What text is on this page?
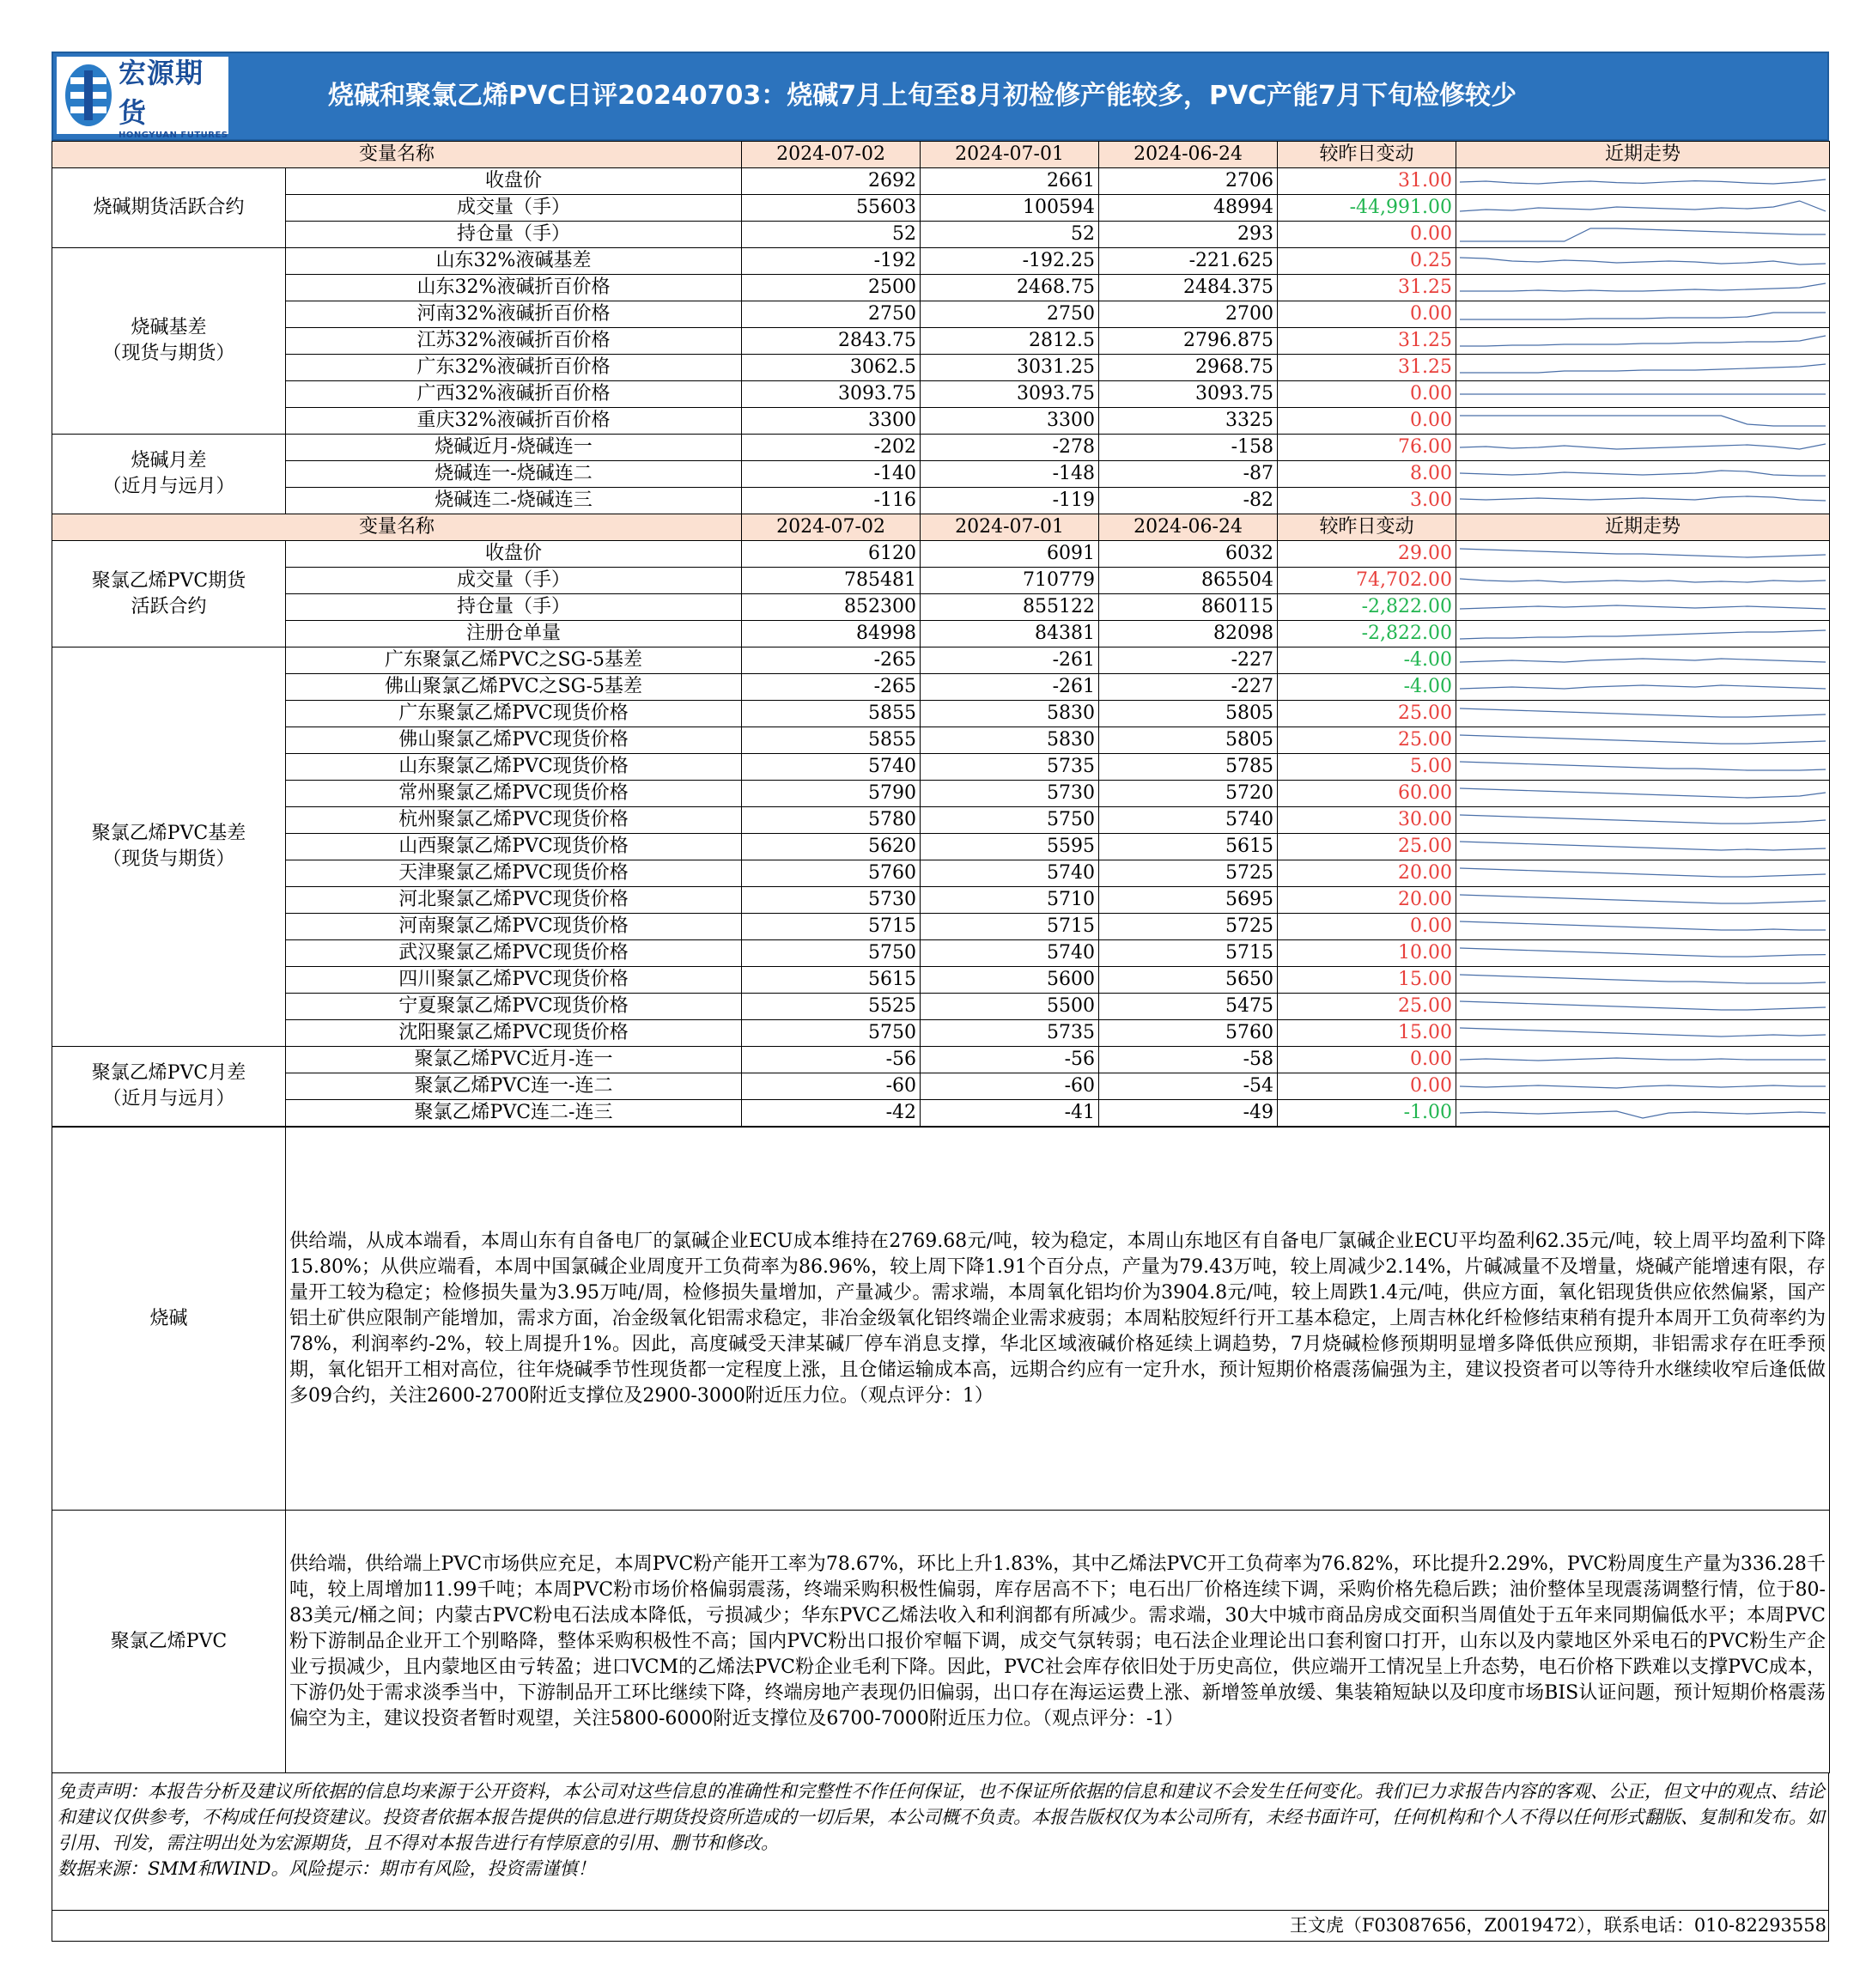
宏源期货
HONGYUAN FUTURES
烧碱和聚氯乙烯PVC日评20240703：烧碱7月上旬至8月初检修产能较多，PVC产能7月下旬检修较少
变量名称		2024-07-02	2024-07-01	2024-06-24	较昨日变动	近期走势

烧碱期货活跃合约	收盘价	2692	2661	2706	31.00	

	成交量（手）	55603	100594	48994	-44,991.00	

	持仓量（手）	52	52	293	0.00	

烧碱基差
（现货与期货）	山东32%液碱基差	-192	-192.25	-221.625	0.25	

	山东32%液碱折百价格	2500	2468.75	2484.375	31.25	

	河南32%液碱折百价格	2750	2750	2700	0.00	

	江苏32%液碱折百价格	2843.75	2812.5	2796.875	31.25	

	广东32%液碱折百价格	3062.5	3031.25	2968.75	31.25	

	广西32%液碱折百价格	3093.75	3093.75	3093.75	0.00	

	重庆32%液碱折百价格	3300	3300	3325	0.00	

烧碱月差
（近月与远月）	烧碱近月-烧碱连一	-202	-278	-158	76.00	

	烧碱连一-烧碱连二	-140	-148	-87	8.00	

	烧碱连二-烧碱连三	-116	-119	-82	3.00	

变量名称		2024-07-02	2024-07-01	2024-06-24	较昨日变动	近期走势

聚氯乙烯PVC期货
活跃合约	收盘价	6120	6091	6032	29.00	

	成交量（手）	785481	710779	865504	74,702.00	

	持仓量（手）	852300	855122	860115	-2,822.00	

	注册仓单量	84998	84381	82098	-2,822.00	

聚氯乙烯PVC基差
（现货与期货）	广东聚氯乙烯PVC之SG-5基差	-265	-261	-227	-4.00	

	佛山聚氯乙烯PVC之SG-5基差	-265	-261	-227	-4.00	

	广东聚氯乙烯PVC现货价格	5855	5830	5805	25.00	

	佛山聚氯乙烯PVC现货价格	5855	5830	5805	25.00	

	山东聚氯乙烯PVC现货价格	5740	5735	5785	5.00	

	常州聚氯乙烯PVC现货价格	5790	5730	5720	60.00	

	杭州聚氯乙烯PVC现货价格	5780	5750	5740	30.00	

	山西聚氯乙烯PVC现货价格	5620	5595	5615	25.00	

	天津聚氯乙烯PVC现货价格	5760	5740	5725	20.00	

	河北聚氯乙烯PVC现货价格	5730	5710	5695	20.00	

	河南聚氯乙烯PVC现货价格	5715	5715	5725	0.00	

	武汉聚氯乙烯PVC现货价格	5750	5740	5715	10.00	

	四川聚氯乙烯PVC现货价格	5615	5600	5650	15.00	

	宁夏聚氯乙烯PVC现货价格	5525	5500	5475	25.00	

	沈阳聚氯乙烯PVC现货价格	5750	5735	5760	15.00	

聚氯乙烯PVC月差
（近月与远月）	聚氯乙烯PVC近月-连一	-56	-56	-58	0.00	

	聚氯乙烯PVC连一-连二	-60	-60	-54	0.00	

	聚氯乙烯PVC连二-连三	-42	-41	-49	-1.00	
烧碱	供给端，从成本端看，本周山东有自备电厂的氯碱企业ECU成本维持在2769.68元/吨，较为稳定，本周山东地区有自备电厂氯碱企业ECU平均盈利62.35元/吨，较上周平均盈利下降15.80%；从供应端看，本周中国氯碱企业周度开工负荷率为86.96%，较上周下降1.91个百分点，产量为79.43万吨，较上周减少2.14%，片碱减量不及增量，烧碱产能增速有限，存量开工较为稳定；检修损失量为3.95万吨/周，检修损失量增加，产量减少。需求端，本周氧化铝均价为3904.8元/吨，较上周跌1.4元/吨，供应方面，氧化铝现货供应依然偏紧，国产铝土矿供应限制产能增加，需求方面，冶金级氧化铝需求稳定，非冶金级氧化铝终端企业需求疲弱；本周粘胶短纤行开工基本稳定，上周吉林化纤检修结束稍有提升本周开工负荷率约为78%，利润率约-2%，较上周提升1%。因此，高度碱受天津某碱厂停车消息支撑，华北区域液碱价格延续上调趋势，7月烧碱检修预期明显增多降低供应预期，非铝需求存在旺季预期，氧化铝开工相对高位，往年烧碱季节性现货都一定程度上涨，且仓储运输成本高，远期合约应有一定升水，预计短期价格震荡偏强为主，建议投资者可以等待升水继续收窄后逢低做多09合约，关注2600-2700附近支撑位及2900-3000附近压力位。（观点评分：1）
聚氯乙烯PVC	供给端，供给端上PVC市场供应充足，本周PVC粉产能开工率为78.67%，环比上升1.83%，其中乙烯法PVC开工负荷率为76.82%，环比提升2.29%，PVC粉周度生产量为336.28千吨，较上周增加11.99千吨；本周PVC粉市场价格偏弱震荡，终端采购积极性偏弱，库存居高不下；电石出厂价格连续下调，采购价格先稳后跌；油价整体呈现震荡调整行情，位于80-83美元/桶之间；内蒙古PVC粉电石法成本降低，亏损减少；华东PVC乙烯法收入和利润都有所减少。需求端，30大中城市商品房成交面积当周值处于五年来同期偏低水平；本周PVC粉下游制品企业开工个别略降，整体采购积极性不高；国内PVC粉出口报价窄幅下调，成交气氛转弱；电石法企业理论出口套利窗口打开，山东以及内蒙地区外采电石的PVC粉生产企业亏损减少，且内蒙地区由亏转盈；进口VCM的乙烯法PVC粉企业毛利下降。因此，PVC社会库存依旧处于历史高位，供应端开工情况呈上升态势，电石价格下跌难以支撑PVC成本，下游仍处于需求淡季当中，下游制品开工环比继续下降，终端房地产表现仍旧偏弱，出口存在海运运费上涨、新增签单放缓、集装箱短缺以及印度市场BIS认证问题，预计短期价格震荡偏空为主，建议投资者暂时观望，关注5800-6000附近支撑位及6700-7000附近压力位。（观点评分：-1）
免责声明：本报告分析及建议所依据的信息均来源于公开资料，本公司对这些信息的准确性和完整性不作任何保证，也不保证所依据的信息和建议不会发生任何变化。我们已力求报告内容的客观、公正，但文中的观点、结论和建议仅供参考，不构成任何投资建议。投资者依据本报告提供的信息进行期货投资所造成的一切后果，本公司概不负责。本报告版权仅为本公司所有，未经书面许可，任何机构和个人不得以任何形式翻版、复制和发布。如引用、刊发，需注明出处为宏源期货，且不得对本报告进行有悖原意的引用、删节和修改。
数据来源：SMM和WIND。风险提示：期市有风险，投资需谨慎！
王文虎（F03087656，Z0019472），联系电话：010-82293558
